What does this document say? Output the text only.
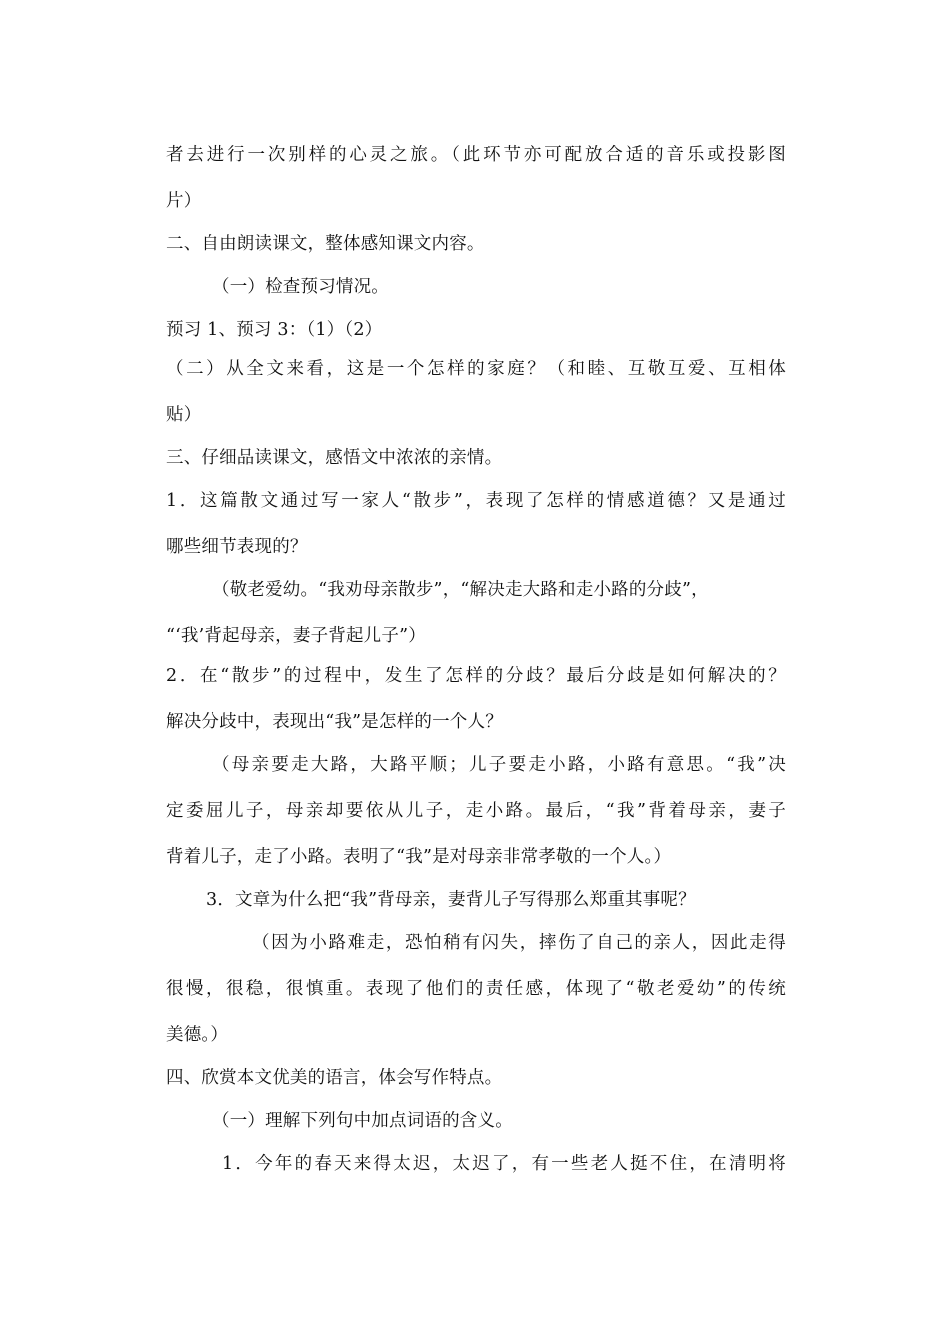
者去进行一次别样的心灵之旅。（此环节亦可配放合适的音乐或投影图
片）
二、自由朗读课文，整体感知课文内容。
（一）检查预习情况。
预习 1、预习 3：（1）（2）
（二）从全文来看，这是一个怎样的家庭？（和睦、互敬互爱、互相体
贴）
三、仔细品读课文，感悟文中浓浓的亲情。
1．这篇散文通过写一家人“散步”，表现了怎样的情感道德？又是通过
哪些细节表现的？
（敬老爱幼。“我劝母亲散步”，“解决走大路和走小路的分歧”，
“‘我’背起母亲，妻子背起儿子”）
2．在“散步”的过程中，发生了怎样的分歧？最后分歧是如何解决的？
解决分歧中，表现出“我”是怎样的一个人？
（母亲要走大路，大路平顺；儿子要走小路，小路有意思。“我”决
定委屈儿子，母亲却要依从儿子，走小路。最后，“我”背着母亲，妻子
背着儿子，走了小路。表明了“我”是对母亲非常孝敬的一个人。）
3．文章为什么把“我”背母亲，妻背儿子写得那么郑重其事呢？
（因为小路难走，恐怕稍有闪失，摔伤了自己的亲人，因此走得
很慢，很稳，很慎重。表现了他们的责任感，体现了“敬老爱幼”的传统
美德。）
四、欣赏本文优美的语言，体会写作特点。
（一）理解下列句中加点词语的含义。
1．今年的春天来得太迟，太迟了，有一些老人挺不住，在清明将
